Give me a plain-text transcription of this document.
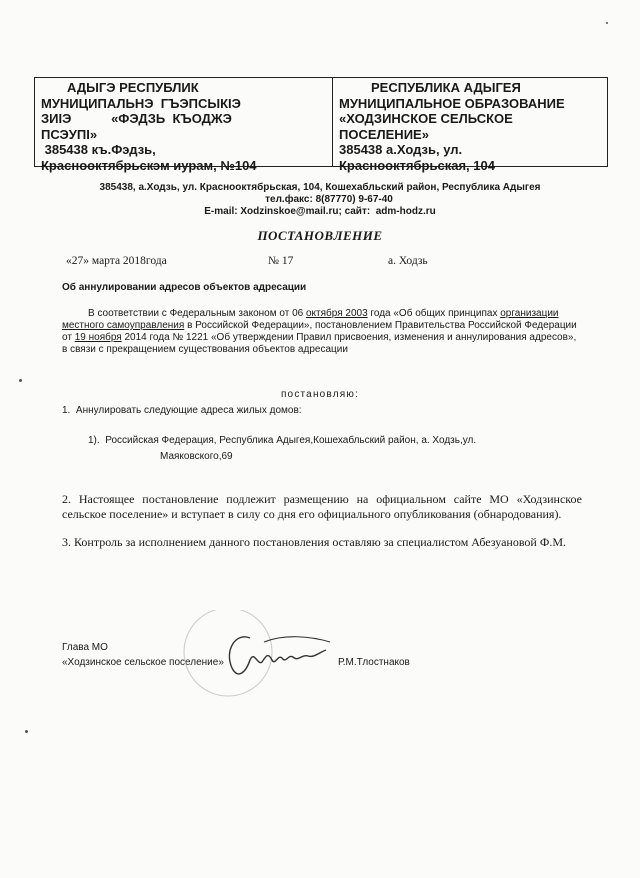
АДЫГЭ РЕСПУБЛИК
МУНИЦИПАЛЬНЭ  ГЪЭПСЫКIЭ
ЗИIЭ           «ФЭДЗЬ  КЪОДЖЭ
ПСЭУПI»
385438 къ.Фэдзь,
Краснооктябрьскэм иурам, №104
РЕСПУБЛИКА АДЫГЕЯ
МУНИЦИПАЛЬНОЕ ОБРАЗОВАНИЕ
«ХОДЗИНСКОЕ СЕЛЬСКОЕ
ПОСЕЛЕНИЕ»
385438 а.Ходзь, ул.
Краснооктябрьская, 104
385438, а.Ходзь, ул. Краснооктябрьская, 104, Кошехабльский район, Республика Адыгея
тел.факс: 8(87770) 9-67-40
E-mail: Xodzinskoe@mail.ru; сайт:  adm-hodz.ru
ПОСТАНОВЛЕНИЕ
«27» марта 2018года	№ 17	а. Ходзь
Об аннулировании адресов объектов адресации
В соответствии с Федеральным законом от 06 октября 2003 года «Об общих принципах организации местного самоуправления в Российской Федерации», постановлением Правительства Российской Федерации от 19 ноября 2014 года № 1221 «Об утверждении Правил присвоения, изменения и аннулирования адресов», в связи с прекращением существования объектов адресации
постановляю:
1.  Аннулировать следующие адреса жилых домов:
1).  Российская Федерация, Республика Адыгея,Кошехабльский район, а. Ходзь,ул.
Маяковского,69
2. Настоящее постановление подлежит размещению на официальном сайте МО «Ходзинское сельское поселение» и вступает в силу со дня его официального опубликования (обнародования).
3. Контроль за исполнением данного постановления оставляю за специалистом Абезуановой Ф.М.
Глава МО
«Ходзинское сельское поселение»	Р.М.Тлостнаков
